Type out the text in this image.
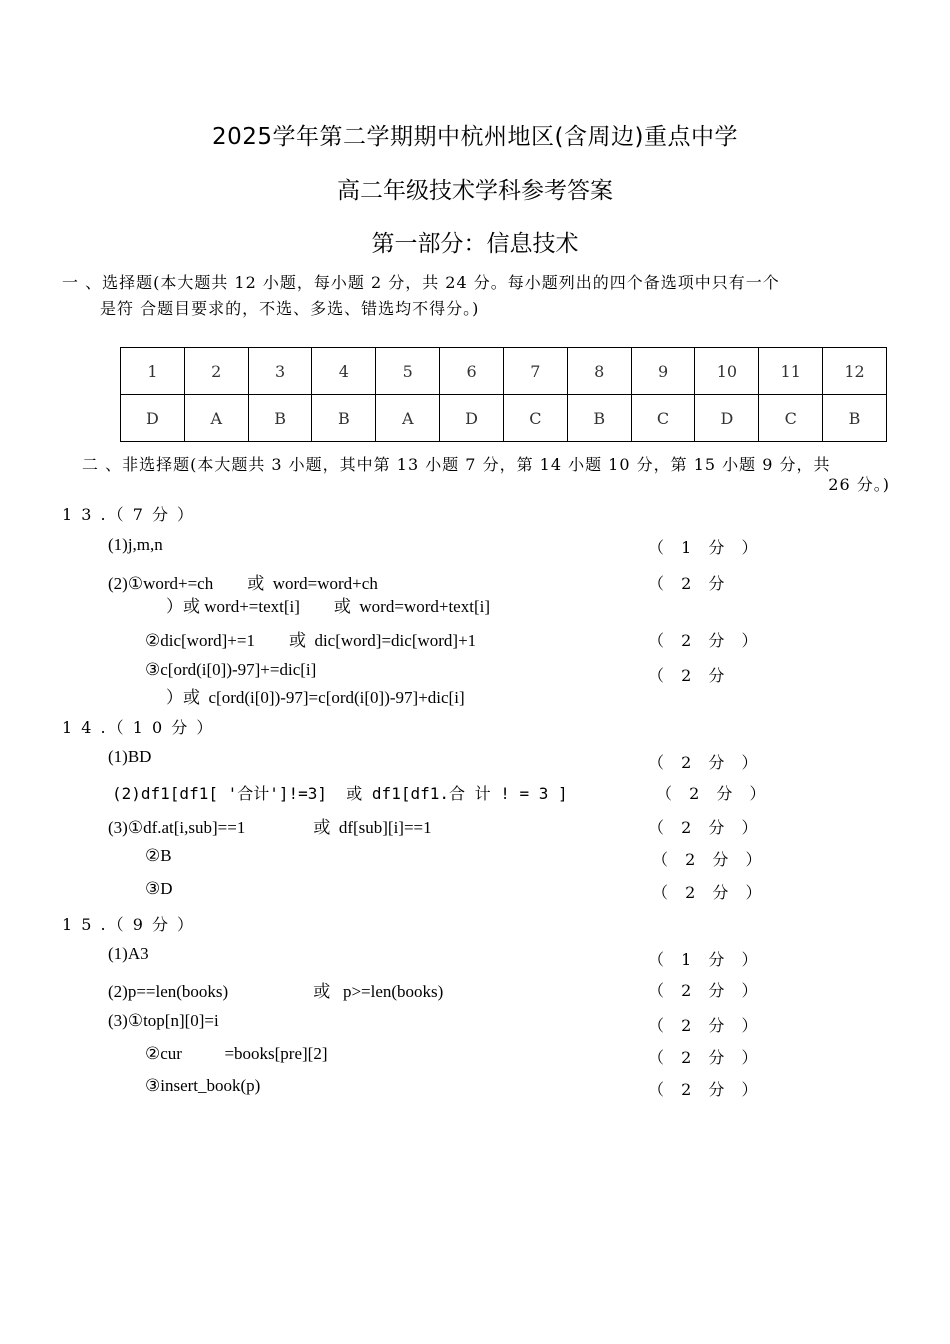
2025学年第二学期期中杭州地区(含周边)重点中学
高二年级技术学科参考答案
第一部分：信息技术
一 、选择题(本大题共 12 小题，每小题 2 分，共 24 分。每小题列出的四个备选项中只有一个
是符 合题目要求的，不选、多选、错选均不得分。)
1	2	3	4	5	6	7	8	9	10	11	12
D	A	B	B	A	D	C	B	C	D	C	B
二 、非选择题(本大题共 3 小题，其中第 13 小题 7 分，第 14 小题 10 分，第 15 小题 9 分，共
26 分。)
1 3 .（ 7 分 ）
(1)j,m,n	（ 1 分 ）
(2)①word+=ch        或  word=word+ch	（ 2 分
）或 word+=text[i]        或  word=word+text[i]
②dic[word]+=1        或  dic[word]=dic[word]+1	（ 2 分 ）
③c[ord(i[0])-97]+=dic[i]	（ 2 分
）或  c[ord(i[0])-97]=c[ord(i[0])-97]+dic[i]
1 4 .（ 1 0 分 ）
(1)BD	（ 2 分 ）
(2)df1[df1[ '合计']!=3]  或 df1[df1.合 计 ! = 3 ]	（ 2 分 ）
(3)①df.at[i,sub]==1                或  df[sub][i]==1	（ 2 分 ）
②B	（ 2 分 ）
③D	（ 2 分 ）
1 5 .（ 9 分 ）
(1)A3	（ 1 分 ）
(2)p==len(books)                    或   p>=len(books)	（ 2 分 ）
(3)①top[n][0]=i	（ 2 分 ）
②cur          =books[pre][2]	（ 2 分 ）
③insert_book(p)	（ 2 分 ）
